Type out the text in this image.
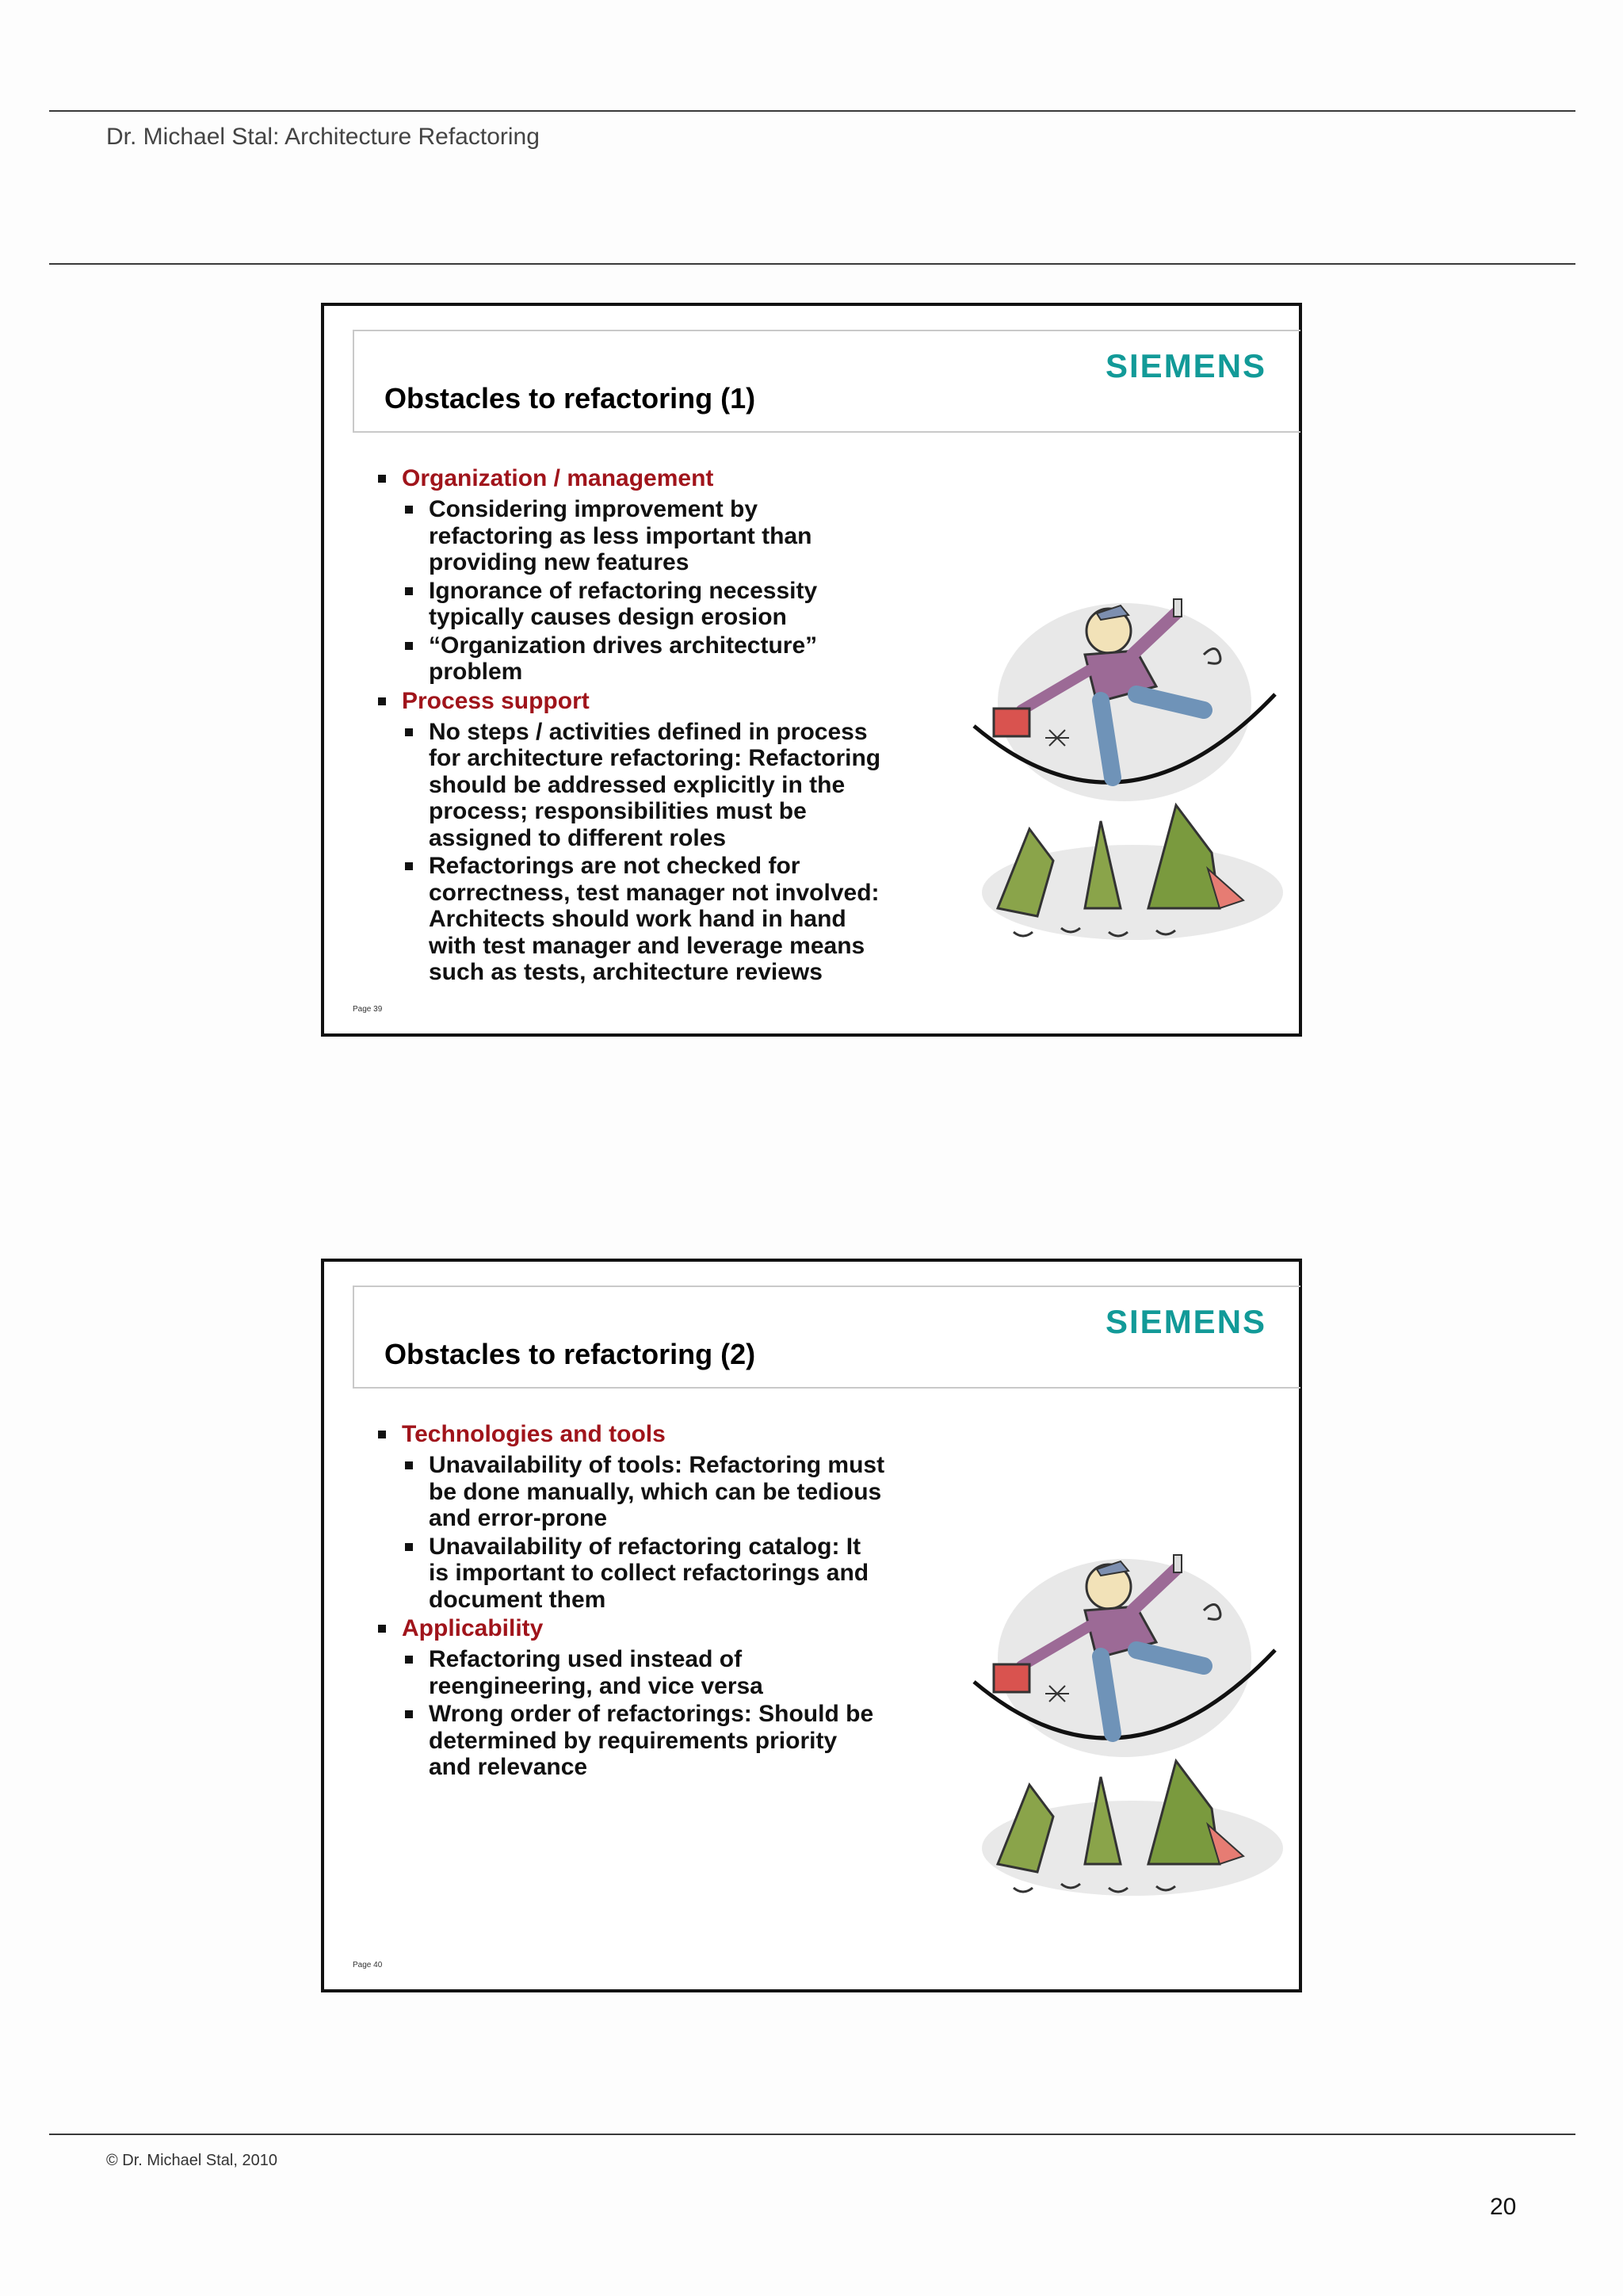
Dr. Michael Stal: Architecture Refactoring
Obstacles to refactoring (1)
SIEMENS
Organization / management
Considering improvement by refactoring as less important than providing new features
Ignorance of refactoring necessity typically causes design erosion
“Organization drives architecture” problem
Process support
No steps / activities defined in process for architecture refactoring: Refactoring should be addressed explicitly in the process; responsibilities must be assigned to different roles
Refactorings are not checked for correctness, test manager not involved: Architects should work hand in hand with test manager and leverage means such as tests, architecture reviews
Page 39
Obstacles to refactoring (2)
SIEMENS
Technologies and tools
Unavailability of tools: Refactoring must be done manually, which can be tedious and error-prone
Unavailability of refactoring catalog: It is important to collect refactorings and document them
Applicability
Refactoring used instead of reengineering, and vice versa
Wrong order of refactorings: Should be determined by requirements priority and relevance
Page 40
© Dr. Michael Stal, 2010
20
